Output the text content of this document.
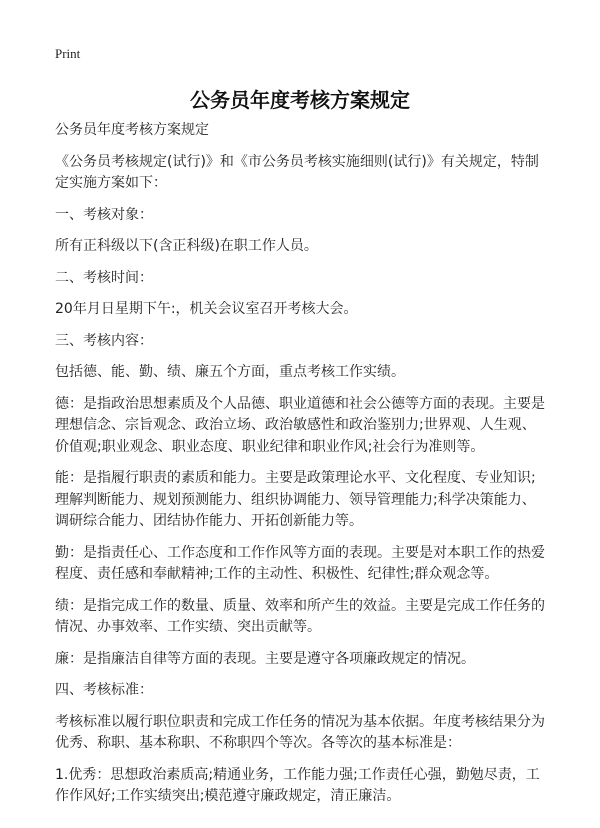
Print
公务员年度考核方案规定

公务员年度考核方案规定

《公务员考核规定(试行)》和《市公务员考核实施细则(试行)》有关规定，特制定实施方案如下：

一、考核对象：

所有正科级以下(含正科级)在职工作人员。

二、考核时间：

20年月日星期下午:，机关会议室召开考核大会。

三、考核内容：

包括德、能、勤、绩、廉五个方面，重点考核工作实绩。

德：是指政治思想素质及个人品德、职业道德和社会公德等方面的表现。主要是理想信念、宗旨观念、政治立场、政治敏感性和政治鉴别力;世界观、人生观、价值观;职业观念、职业态度、职业纪律和职业作风;社会行为准则等。

能：是指履行职责的素质和能力。主要是政策理论水平、文化程度、专业知识;理解判断能力、规划预测能力、组织协调能力、领导管理能力;科学决策能力、调研综合能力、团结协作能力、开拓创新能力等。

勤：是指责任心、工作态度和工作作风等方面的表现。主要是对本职工作的热爱程度、责任感和奉献精神;工作的主动性、积极性、纪律性;群众观念等。

绩：是指完成工作的数量、质量、效率和所产生的效益。主要是完成工作任务的情况、办事效率、工作实绩、突出贡献等。

廉：是指廉洁自律等方面的表现。主要是遵守各项廉政规定的情况。

四、考核标准：

考核标准以履行职位职责和完成工作任务的情况为基本依据。年度考核结果分为优秀、称职、基本称职、不称职四个等次。各等次的基本标准是：

1.优秀：思想政治素质高;精通业务，工作能力强;工作责任心强，勤勉尽责，工作作风好;工作实绩突出;模范遵守廉政规定，清正廉洁。
